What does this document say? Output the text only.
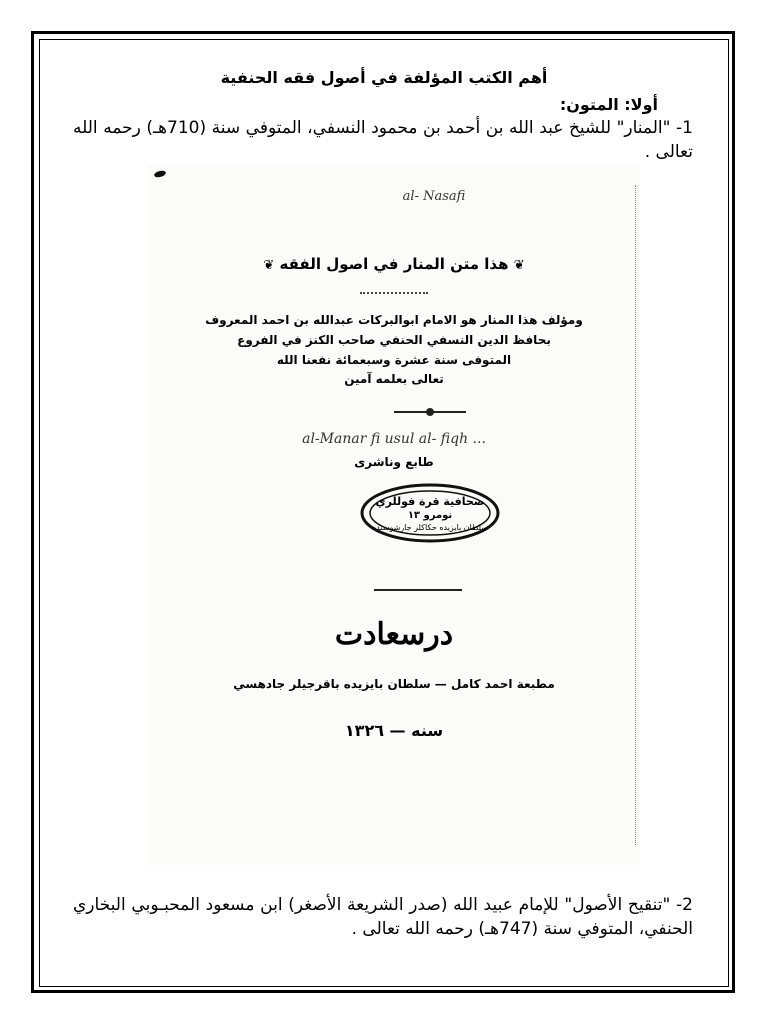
أهم الكتب المؤلفة في أصول فقه الحنفية
أولا: المتون:
1- "المنار" للشيخ عبد الله بن أحمد بن محمود النسفي، المتوفي سنة (710هـ) رحمه الله تعالى .
al- Nasafi
❦ هذا متن المنار في اصول الفقه ❦
ومؤلف هذا المنار هو الامام ابوالبركات عبدالله بن احمد المعروف
بحافظ الدين النسفي الحنفي صاحب الكنز في الفروع
المتوفى سنة عشرة وسبعمائة نفعنا الله
تعالى بعلمه آمين
... al-Manar fi usul al- fiqh
طابع وناشرى
صحافية قرة فوللري
نومرو ١٣
سلطان بايزيده حكاكلر جارشوسنده
درسعادت
مطبعة احمد كامل — سلطان بايزيده باقرجيلر جادهسي
سنه — ١٣٢٦
2- "تنقيح الأصول" للإمام عبيد الله (صدر الشريعة الأصغر) ابن مسعود المحبـوبي البخاري الحنفي، المتوفي سنة (747هـ) رحمه الله تعالى .
